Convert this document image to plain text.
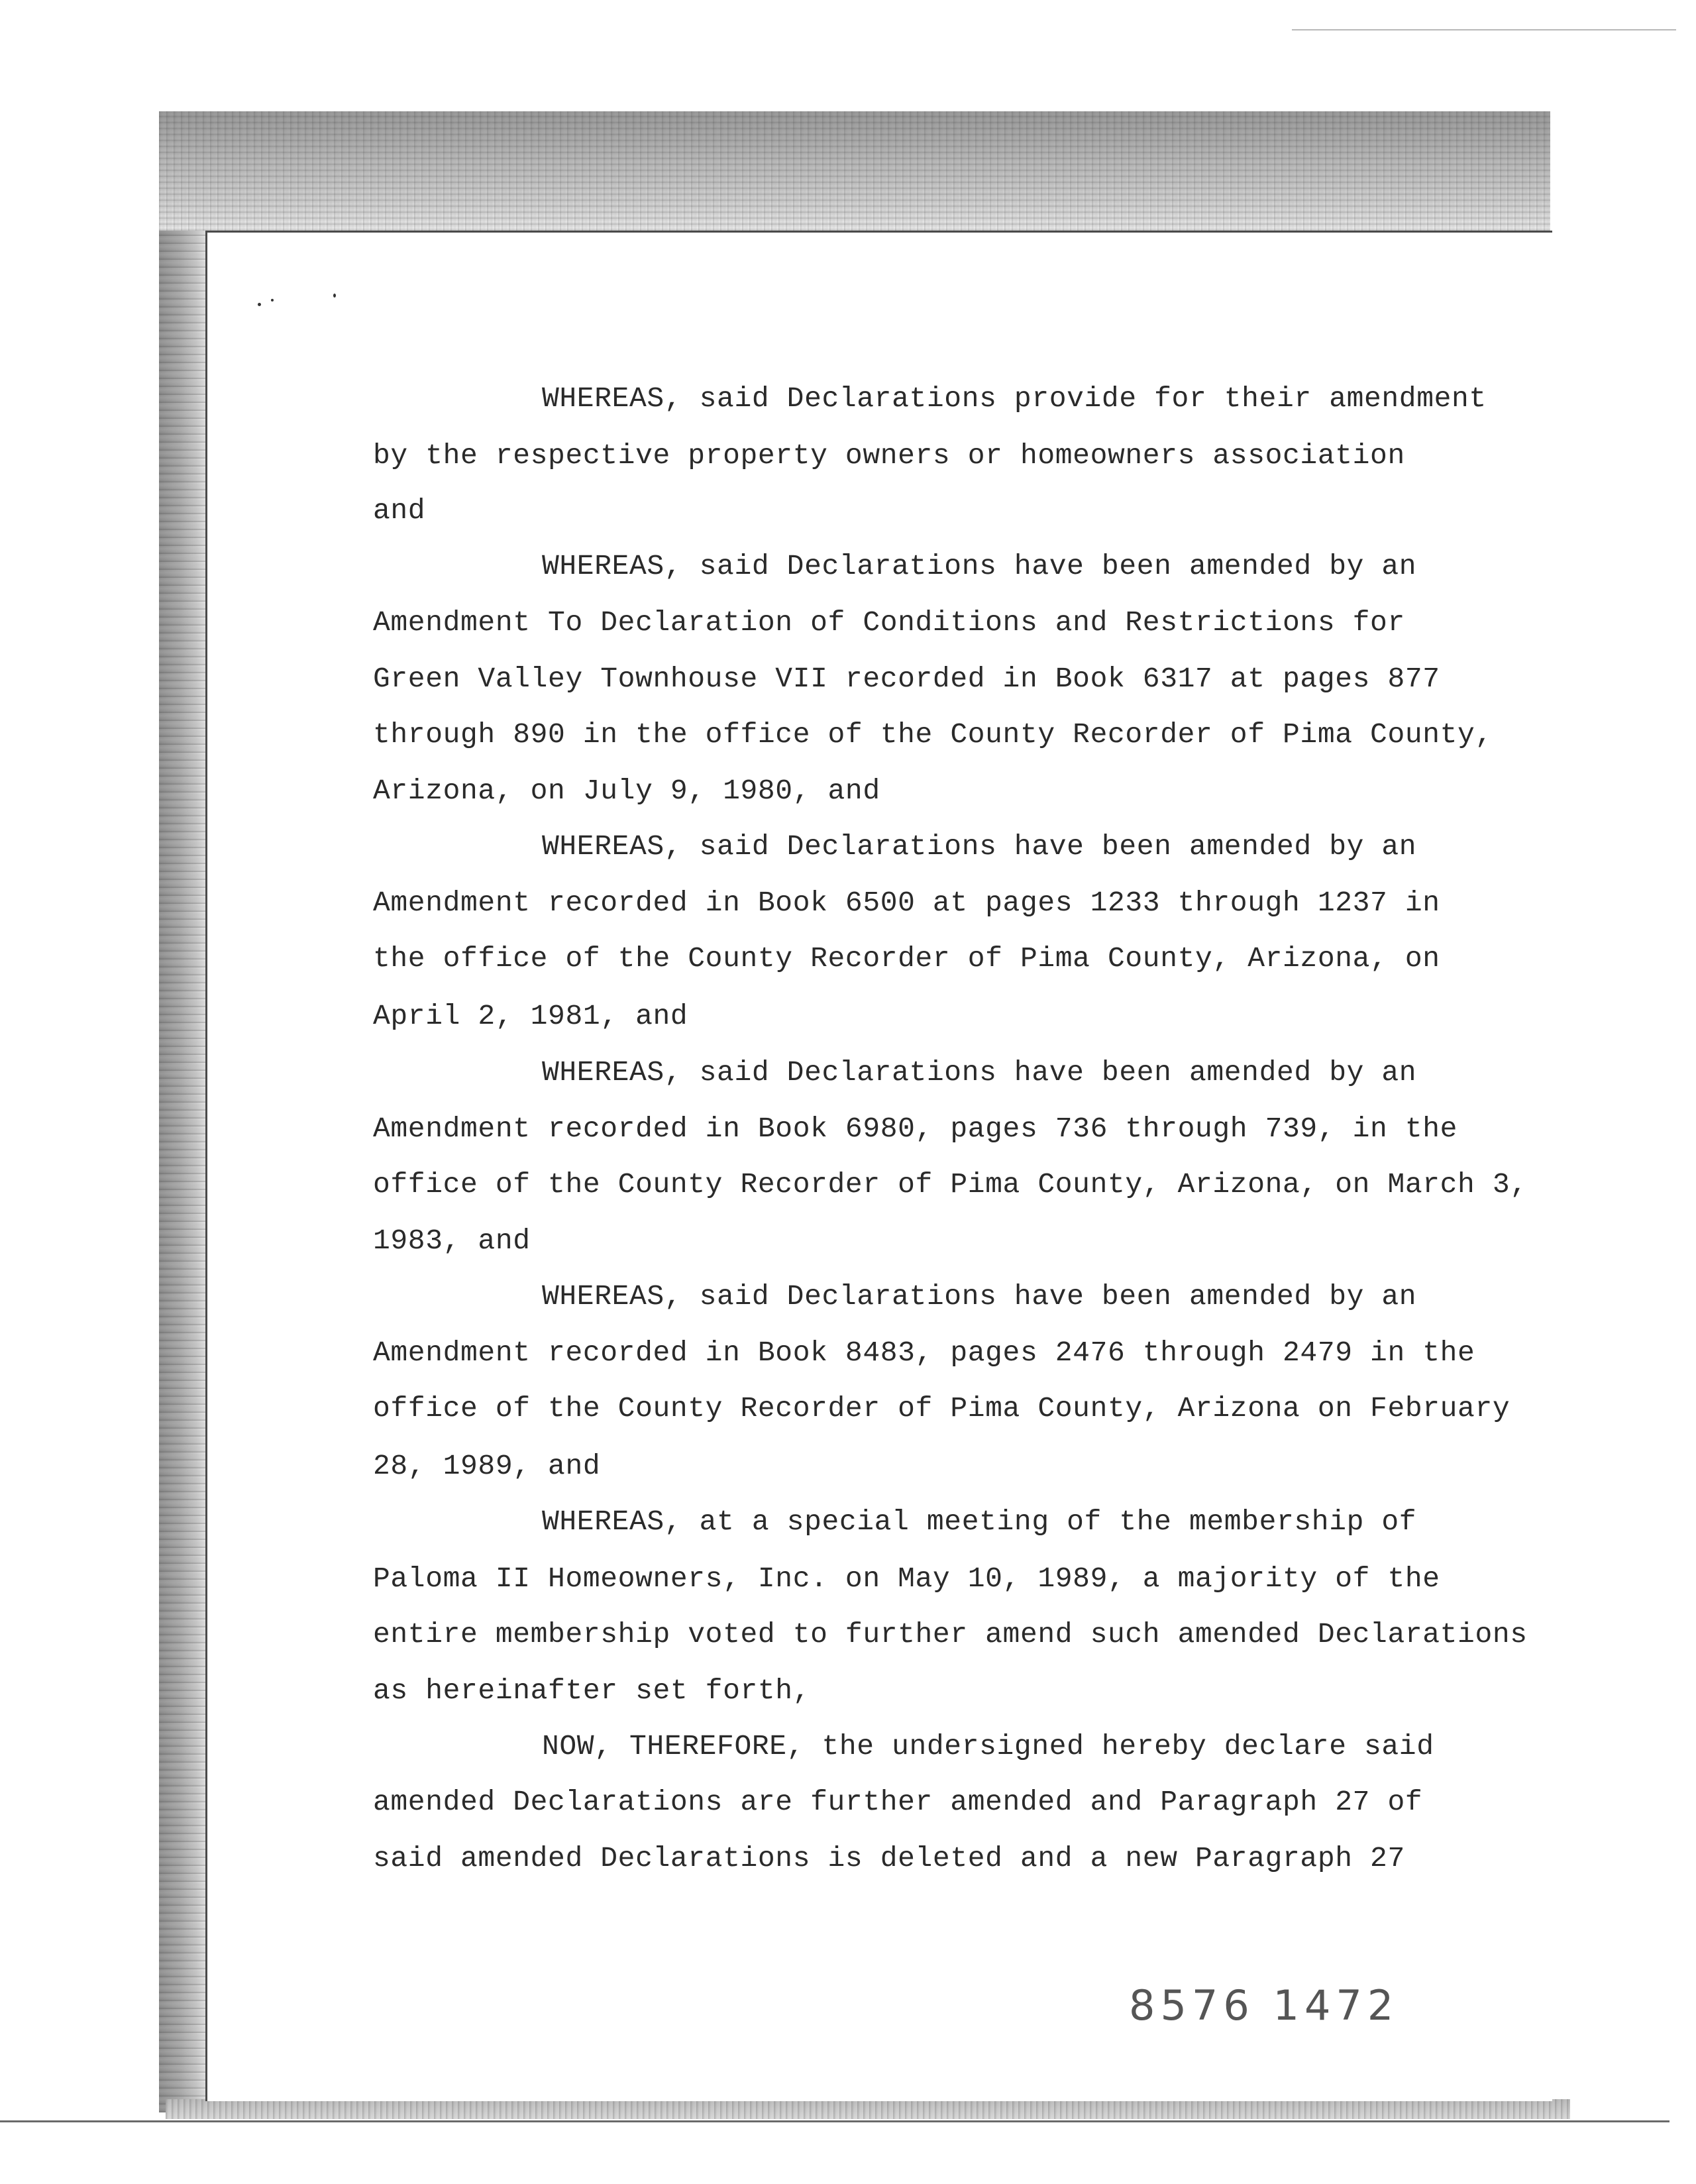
WHEREAS, said Declarations provide for their amendment
by the respective property owners or homeowners association
and
WHEREAS, said Declarations have been amended by an
Amendment To Declaration of Conditions and Restrictions for
Green Valley Townhouse VII recorded in Book 6317 at pages 877
through 890 in the office of the County Recorder of Pima County,
Arizona, on July 9, 1980, and
WHEREAS, said Declarations have been amended by an
Amendment recorded in Book 6500 at pages 1233 through 1237 in
the office of the County Recorder of Pima County, Arizona, on
April 2, 1981, and
WHEREAS, said Declarations have been amended by an
Amendment recorded in Book 6980, pages 736 through 739, in the
office of the County Recorder of Pima County, Arizona, on March 3,
1983, and
WHEREAS, said Declarations have been amended by an
Amendment recorded in Book 8483, pages 2476 through 2479 in the
office of the County Recorder of Pima County, Arizona on February
28, 1989, and
WHEREAS, at a special meeting of the membership of
Paloma II Homeowners, Inc. on May 10, 1989, a majority of the
entire membership voted to further amend such amended Declarations
as hereinafter set forth,
NOW, THEREFORE, the undersigned hereby declare said
amended Declarations are further amended and Paragraph 27 of
said amended Declarations is deleted and a new Paragraph 27
8576 1472
